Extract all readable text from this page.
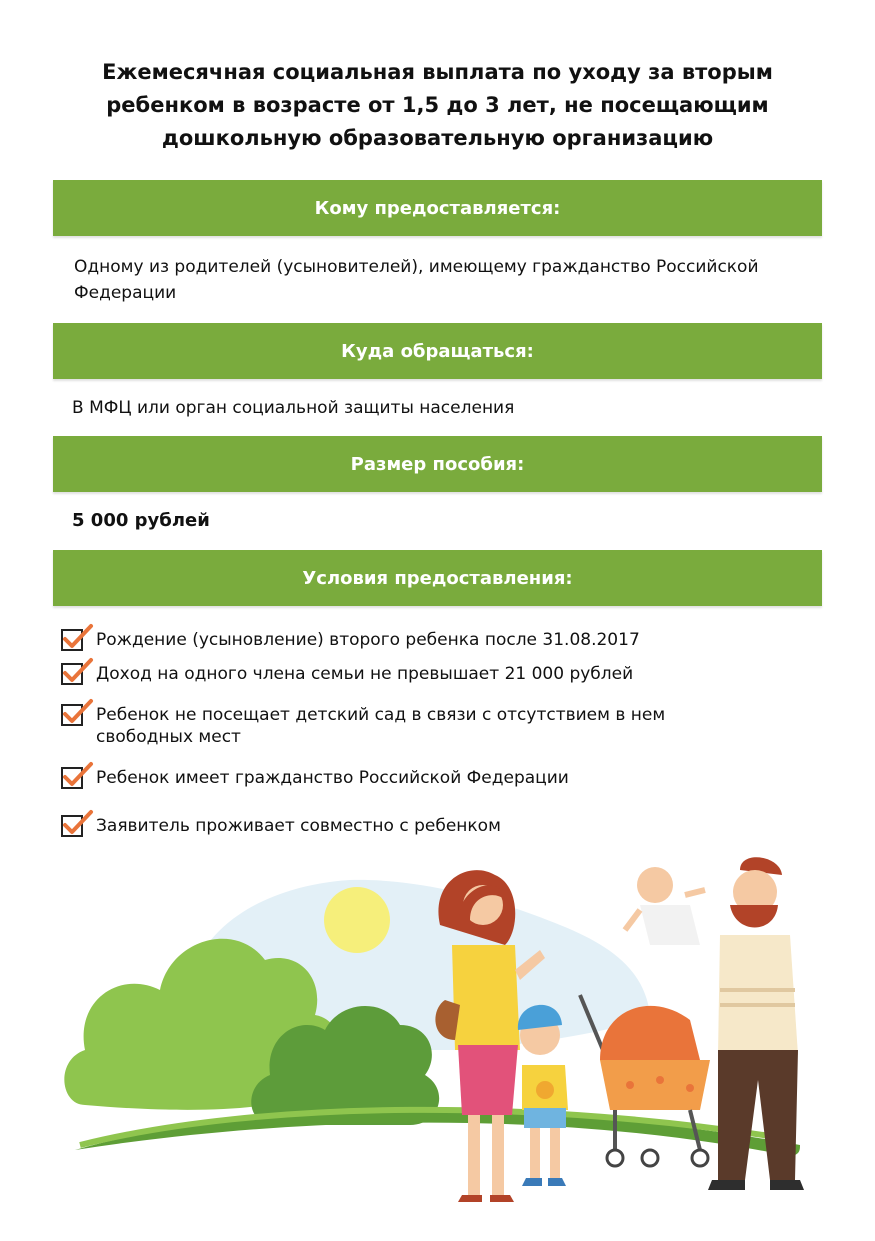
Ежемесячная социальная выплата по уходу за вторым ребенком в возрасте от 1,5 до 3 лет, не посещающим дошкольную образовательную организацию
Кому предоставляется:
Одному из родителей (усыновителей), имеющему гражданство Российской Федерации
Куда обращаться:
В МФЦ или орган социальной защиты населения
Размер пособия:
5 000 рублей
Условия предоставления:
Рождение (усыновление) второго ребенка после 31.08.2017
Доход на одного члена семьи не превышает 21 000 рублей
Ребенок не посещает детский сад в связи с отсутствием в нем свободных мест
Ребенок имеет гражданство Российской Федерации
Заявитель проживает совместно с ребенком
